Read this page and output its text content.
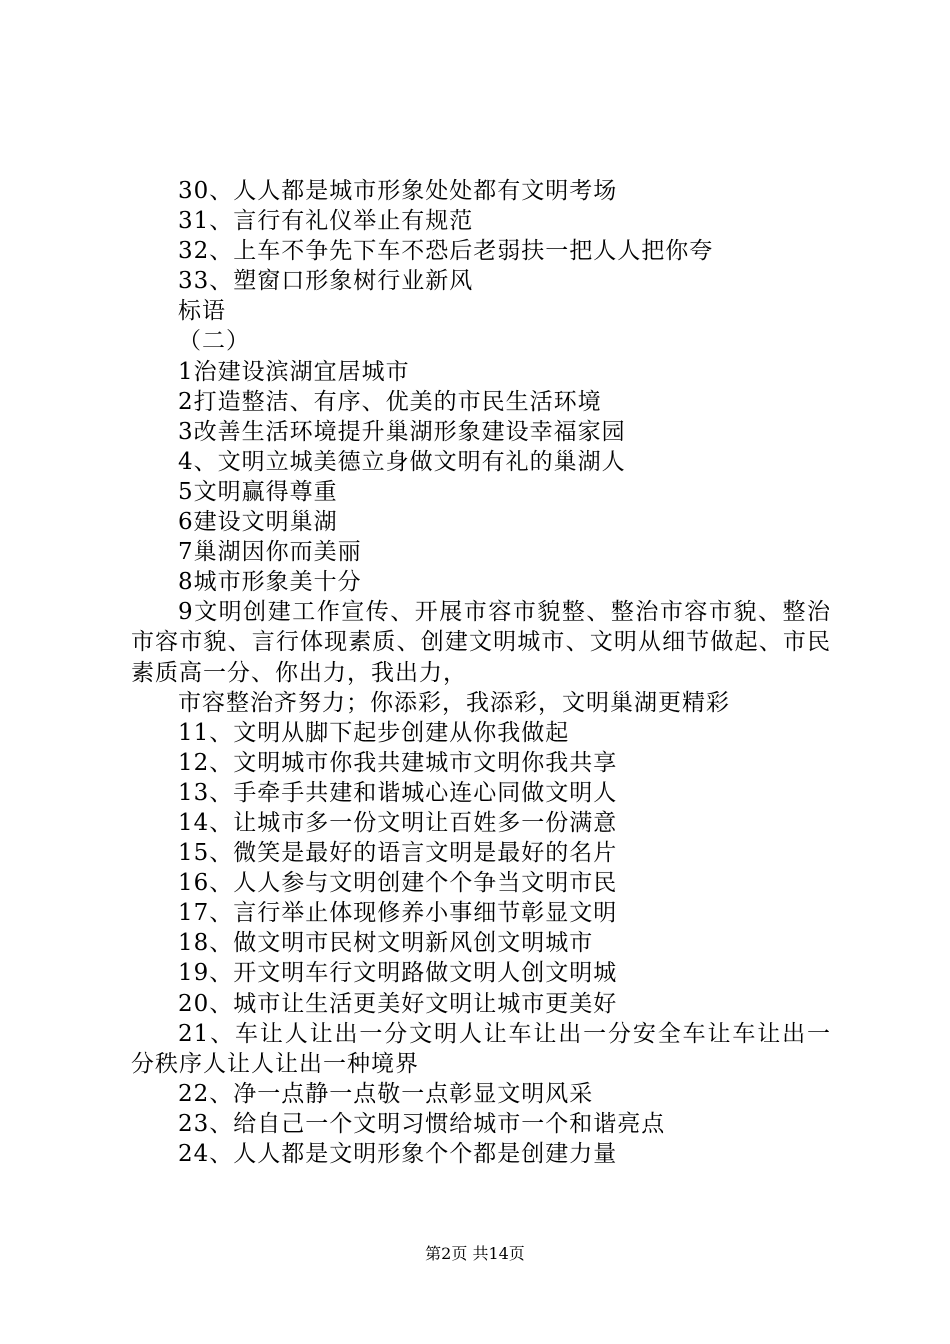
30、人人都是城市形象处处都有文明考场

31、言行有礼仪举止有规范

32、上车不争先下车不恐后老弱扶一把人人把你夸

33、塑窗口形象树行业新风

标语

（二）

1治建设滨湖宜居城市

2打造整洁、有序、优美的市民生活环境

3改善生活环境提升巢湖形象建设幸福家园

4、文明立城美德立身做文明有礼的巢湖人

5文明赢得尊重

6建设文明巢湖

7巢湖因你而美丽

8城市形象美十分

9文明创建工作宣传、开展市容市貌整、整治市容市貌、整治市容市貌、言行体现素质、创建文明城市、文明从细节做起、市民素质高一分、你出力，我出力，

市容整治齐努力；你添彩，我添彩，文明巢湖更精彩

11、文明从脚下起步创建从你我做起

12、文明城市你我共建城市文明你我共享

13、手牵手共建和谐城心连心同做文明人

14、让城市多一份文明让百姓多一份满意

15、微笑是最好的语言文明是最好的名片

16、人人参与文明创建个个争当文明市民

17、言行举止体现修养小事细节彰显文明

18、做文明市民树文明新风创文明城市

19、开文明车行文明路做文明人创文明城

20、城市让生活更美好文明让城市更美好

21、车让人让出一分文明人让车让出一分安全车让车让出一分秩序人让人让出一种境界

22、净一点静一点敬一点彰显文明风采

23、给自己一个文明习惯给城市一个和谐亮点

24、人人都是文明形象个个都是创建力量

第2页 共14页
